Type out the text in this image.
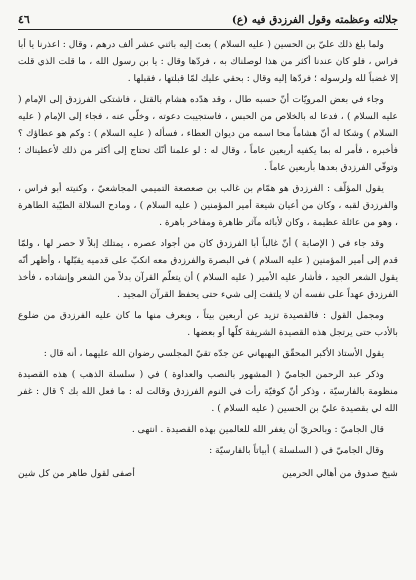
جلالته وعظمته وقول الفرزدق فيه (ع)
٤٦

ولما بلغ ذلك عليّ بن الحسين ( عليه السلام ) بعث إليه باثني عشر ألف درهم ، وقال : اعذرنا يا أبا فراس ، فلو كان عندنا أكثر من هذا لوصلناك به ، فردّها وقال : يا بن رسول الله ، ما قلت الذي قلت إلا غضباً لله ولرسوله ؛ فردّها إليه وقال : بحقي عليك لمّا قبلتها ، فقبلها .

وجاء في بعض المرويّات أنّ حسبه طال ، وقد هدّده هشام بالقتل ، فاشتكى الفرزدق إلى الإمام ( عليه السلام ) ، فدعا له بالخلاص من الحبس ، فاستجيبت دعوته ، وخلّي عنه ، فجاء إلى الإمام ( عليه السلام ) وشكا له أنّ هشاماً محا اسمه من ديوان العطاء ، فسأله ( عليه السلام ) : وكم هو عطاؤك ؟ فأخبره ، فأمر له بما يكفيه أربعين عاماً ، وقال له : لو علمنا أنّك تحتاج إلى أكثر من ذلك لأعطيناك ؛ وتوفّي الفرزدق بعدها بأربعين عاماً .

يقول المؤلّف : الفرزدق هو همّام بن غالب بن صعصعة التميمي المجاشعيّ ، وكنيته أبو فراس ، والفرزدق لقبه ، وكان من أعيان شيعة أمير المؤمنين ( عليه السلام ) ، ومادح السلالة الطيّبة الطاهرة ، وهو من عائلة عظيمة ، وكان لأبائه مآثر ظاهرة ومفاخر باهرة .

وقد جاء في ( الإصابة ) أنّ غالباً أبا الفرزدق كان من أجواد عصره ، يمتلك إبلاً لا حصر لها ، ولمّا قدم إلى أمير المؤمنين ( عليه السلام ) في البصرة والفرزدق معه انكبّ على قدميه يقبّلها ، وأظهر أنّه يقول الشعر الجيد ، فأشار عليه الأمير ( عليه السلام ) أن يتعلّم القرآن بدلاً من الشعر وإنشاده ، فأخذ الفرزدق عهداً على نفسه أن لا يلتفت إلى شيء حتى يحفظ القرآن المجيد .

ومجمل القول : فالقصيدة تزيد عن أربعين بيتاً ، ويعرف منها ما كان عليه الفرزدق من ضلوع بالأدب حتى يرتجل هذه القصيدة الشريفة كلّها أو بعضها .

يقول الأستاذ الأكبر المحقّق البهبهاني عن جدّه تقيّ المجلسي رضوان الله عليهما ، أنه قال :

وذكر عبد الرحمن الجاميّ ( المشهور بالنصب والعداوة ) في ( سلسلة الذهب ) هذه القصيدة منظومة بالفارسيّة ، وذكر أنّ كوفيّة رأت في النوم الفرزدق وقالت له : ما فعل الله بك ؟ قال : غفر الله لي بقصيدة عليّ بن الحسين ( عليه السلام ) .

قال الجاميّ : وبالحريّ أن يغفر الله للعالمين بهذه القصيدة . انتهى .

وقال الجاميّ في ( السلسلة ) أبياتاً بالفارسيّة :

شيخ صدوق من أهالي الحرمين
أصفى لقول طاهر من كل شين
